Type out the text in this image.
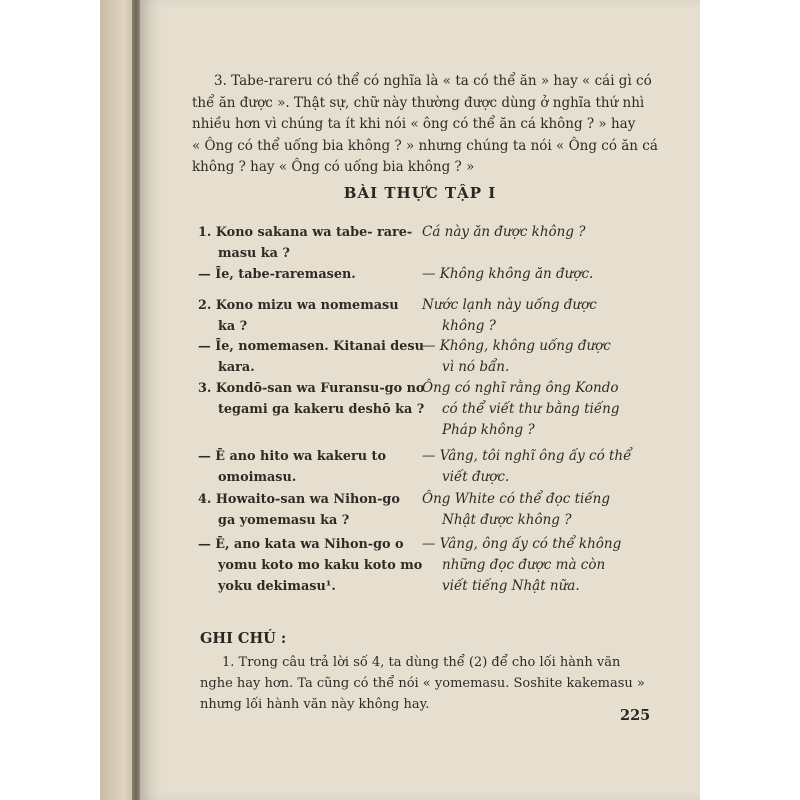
3. Tabe-rareru có thể có nghĩa là « ta có thể ăn » hay « cái gì có
thể ăn được ». Thật sự, chữ này thường được dùng ở nghĩa thứ nhì
nhiều hơn vì chúng ta ít khi nói « ông có thể ăn cá không ? » hay
« Ông có thể uống bia không ? » nhưng chúng ta nói « Ông có ăn cá
không ? hay « Ông có uống bia không ? »
BÀI THỰC TẬP I
1. Kono sakana wa tabe- rare-
masu ka ?
Cá này ăn được không ?
— Īe, tabe-raremasen.	— Không không ăn được.
2. Kono mizu wa nomemasu
ka ?
Nước lạnh này uống được
không ?
— Īe, nomemasen. Kitanai desu
kara.
— Không, không uống được
vì nó bẩn.
3. Kondō-san wa Furansu-go no
tegami ga kakeru deshō ka ?
Ông có nghĩ rằng ông Kondo
có thể viết thư bằng tiếng
Pháp không ?
— Ē ano hito wa kakeru to
omoimasu.
— Vâng, tôi nghĩ ông ấy có thể
viết được.
4. Howaito-san wa Nihon-go
ga yomemasu ka ?
Ông White có thể đọc tiếng
Nhật được không ?
— Ē, ano kata wa Nihon-go o
yomu koto mo kaku koto mo
yoku dekimasu¹.
— Vâng, ông ấy có thể không
những đọc được mà còn
viết tiếng Nhật nữa.
GHI CHÚ :
1. Trong câu trả lời số 4, ta dùng thể (2) để cho lối hành văn
nghe hay hơn. Ta cũng có thể nói « yomemasu. Soshite kakemasu »
nhưng lối hành văn này không hay.
225
